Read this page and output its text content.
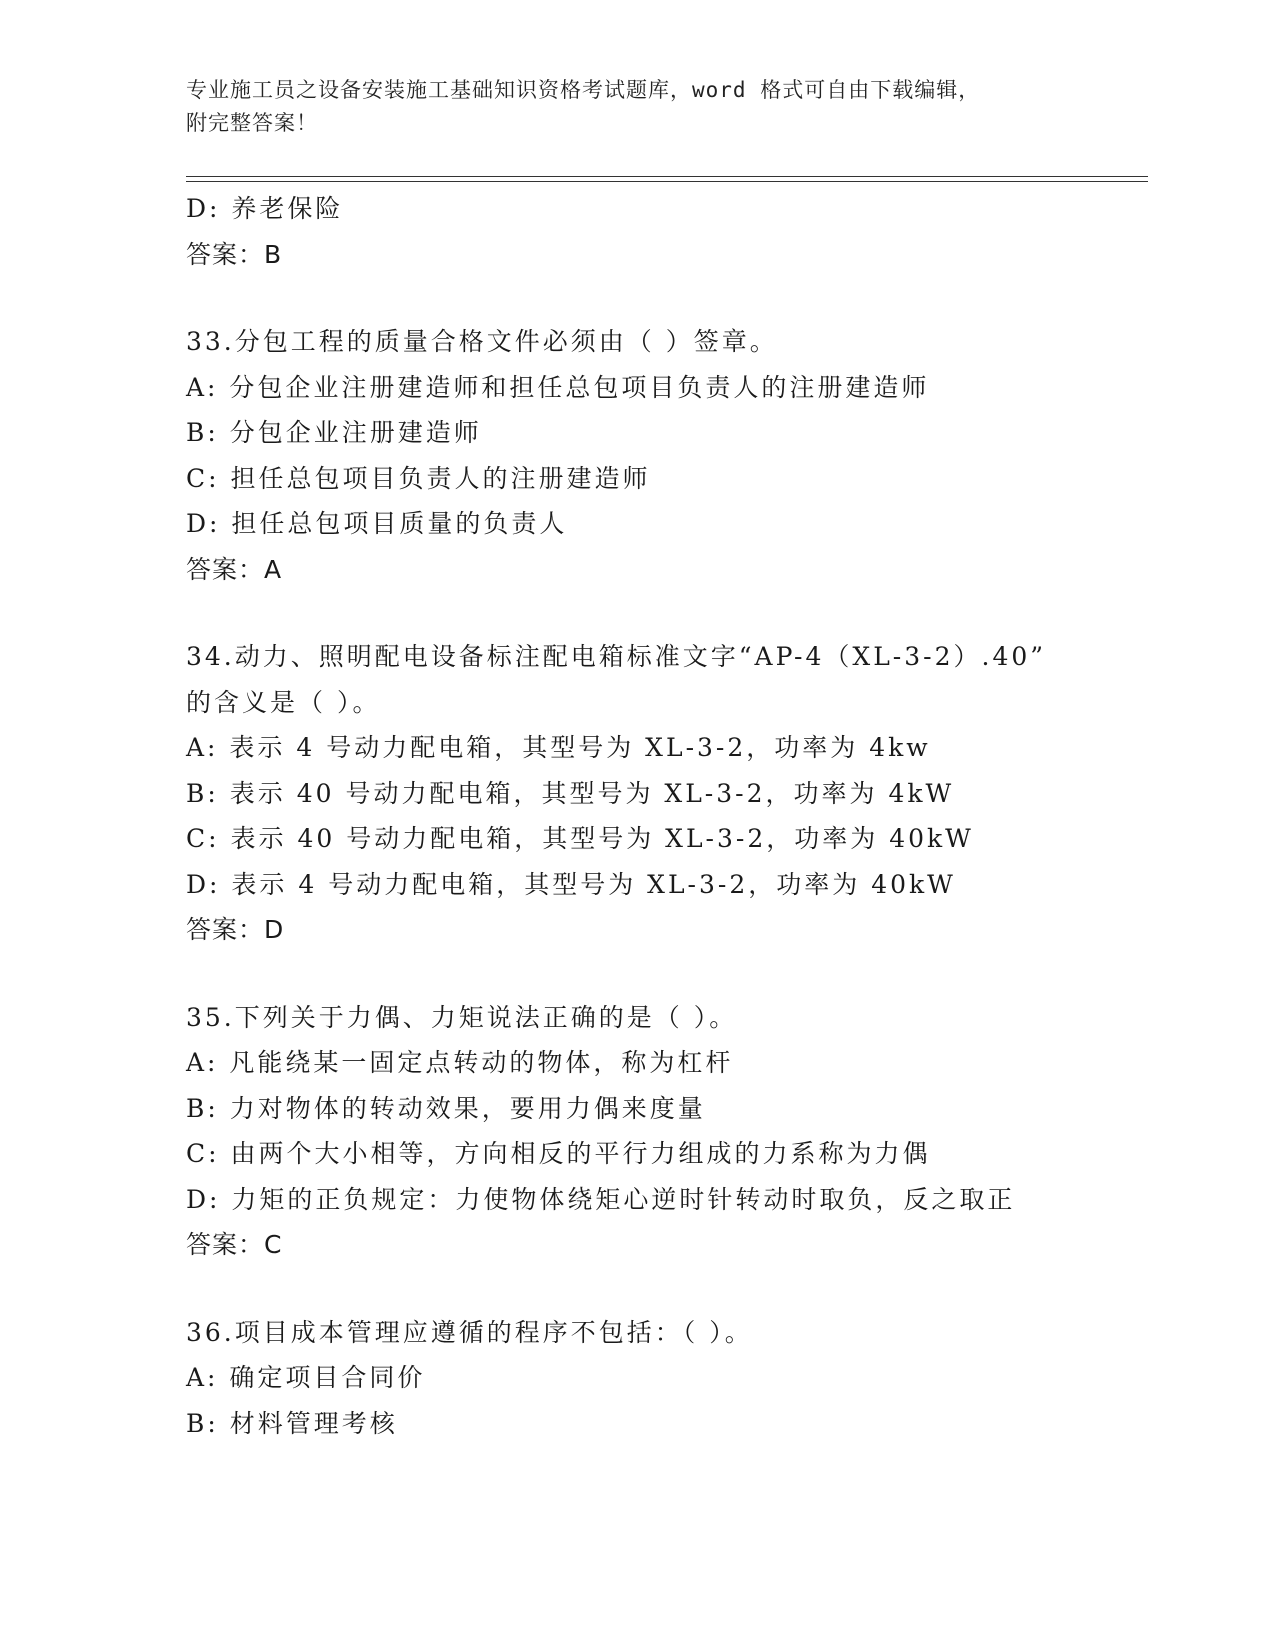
专业施工员之设备安装施工基础知识资格考试题库，word 格式可自由下载编辑，
附完整答案！
D: 养老保险
答案：B
33.分包工程的质量合格文件必须由（ ）签章。
A: 分包企业注册建造师和担任总包项目负责人的注册建造师
B: 分包企业注册建造师
C: 担任总包项目负责人的注册建造师
D: 担任总包项目质量的负责人
答案：A
34.动力、照明配电设备标注配电箱标准文字“AP-4（XL-3-2）.40”
的含义是（ ）。
A: 表示 4 号动力配电箱，其型号为 XL-3-2，功率为 4kw
B: 表示 40 号动力配电箱，其型号为 XL-3-2，功率为 4kW
C: 表示 40 号动力配电箱，其型号为 XL-3-2，功率为 40kW
D: 表示 4 号动力配电箱，其型号为 XL-3-2，功率为 40kW
答案：D
35.下列关于力偶、力矩说法正确的是（ ）。
A: 凡能绕某一固定点转动的物体，称为杠杆
B: 力对物体的转动效果，要用力偶来度量
C: 由两个大小相等，方向相反的平行力组成的力系称为力偶
D: 力矩的正负规定：力使物体绕矩心逆时针转动时取负，反之取正
答案：C
36.项目成本管理应遵循的程序不包括：（ ）。
A: 确定项目合同价
B: 材料管理考核
